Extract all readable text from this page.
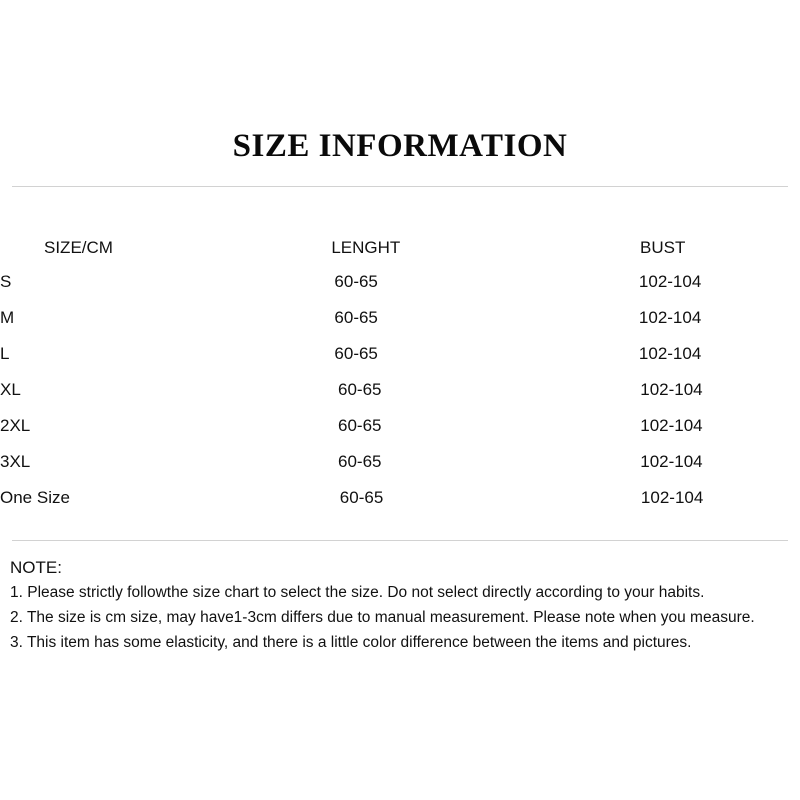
SIZE INFORMATION
SIZE/CM	LENGHT	BUST
S	60-65	102-104
M	60-65	102-104
L	60-65	102-104
XL	60-65	102-104
2XL	60-65	102-104
3XL	60-65	102-104
One Size	60-65	102-104
NOTE:
1. Please strictly followthe size chart to select the size. Do not select directly according to your habits.
2. The size is cm size, may have1-3cm differs due to manual measurement. Please note when you measure.
3. This item has some elasticity, and there is a little color difference between the items and pictures.
